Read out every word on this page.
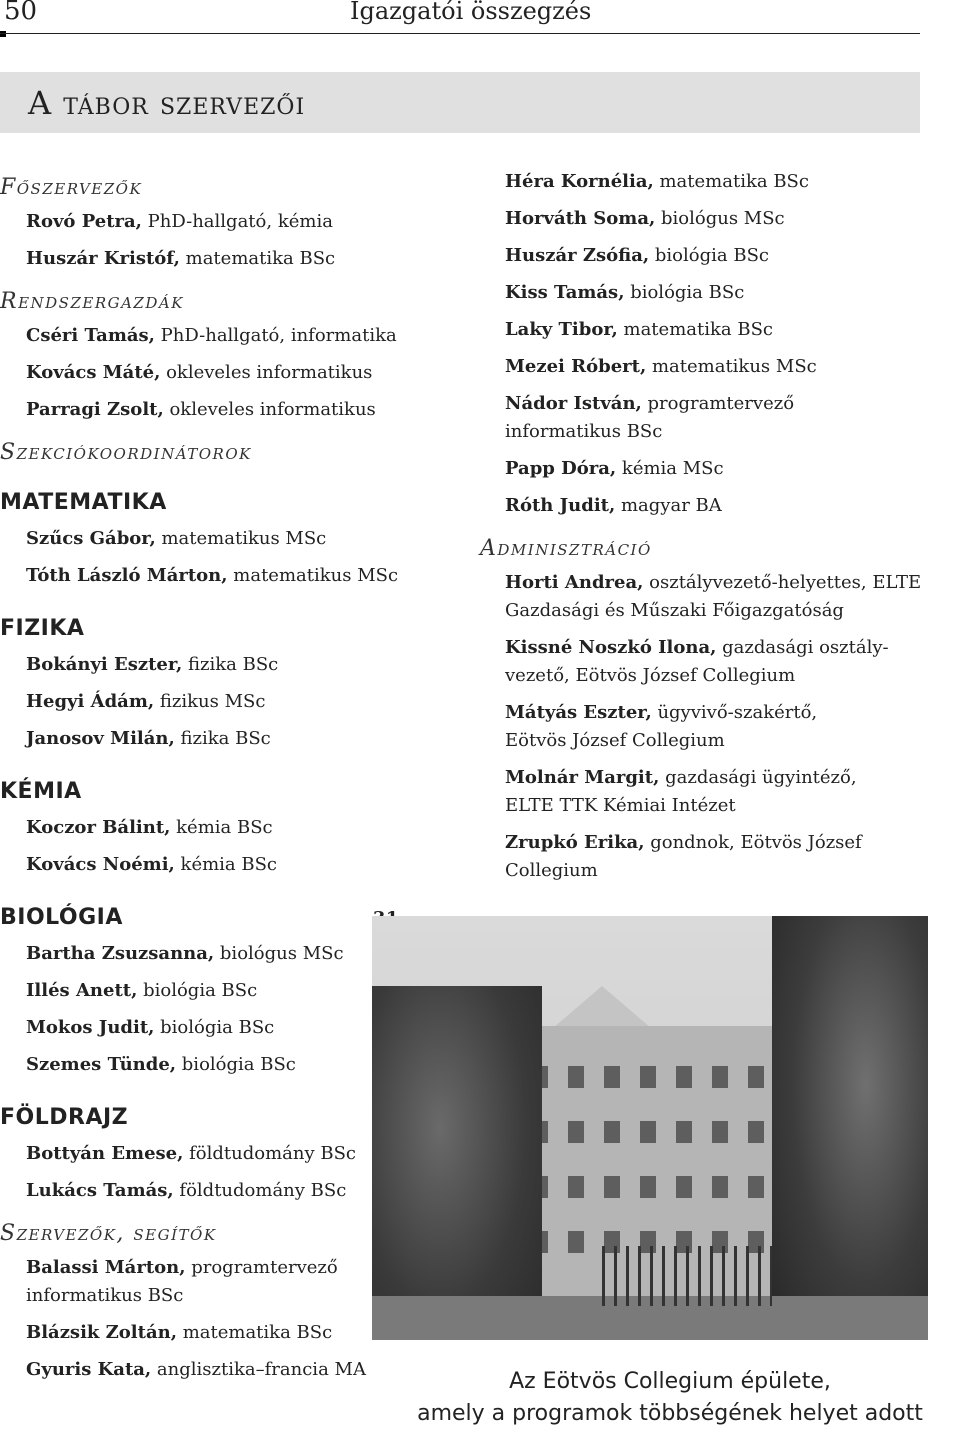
50	Igazgatói összegzés
A tábor szervezői
Főszervezők
Rovó Petra, PhD-hallgató, kémia
Huszár Kristóf, matematika BSc
Rendszergazdák
Cséri Tamás, PhD-hallgató, informatika
Kovács Máté, okleveles informatikus
Parragi Zsolt, okleveles informatikus
Szekciókoordinátorok
MATEMATIKA
Szűcs Gábor, matematikus MSc
Tóth László Márton, matematikus MSc
FIZIKA
Bokányi Eszter, fizika BSc
Hegyi Ádám, fizikus MSc
Janosov Milán, fizika BSc
KÉMIA
Koczor Bálint, kémia BSc
Kovács Noémi, kémia BSc
BIOLÓGIA
Bartha Zsuzsanna, biológus MSc
Illés Anett, biológia BSc
Mokos Judit, biológia BSc
Szemes Tünde, biológia BSc
FÖLDRAJZ
Bottyán Emese, földtudomány BSc
Lukács Tamás, földtudomány BSc
Szervezők, segítők
Balassi Márton, programtervező informatikus BSc
Blázsik Zoltán, matematika BSc
Gyuris Kata, anglisztika–francia MA
Héra Kornélia, matematika BSc
Horváth Soma, biológus MSc
Huszár Zsófia, biológia BSc
Kiss Tamás, biológia BSc
Laky Tibor, matematika BSc
Mezei Róbert, matematikus MSc
Nádor István, programtervező informatikus BSc
Papp Dóra, kémia MSc
Róth Judit, magyar BA
Adminisztráció
Horti Andrea, osztályvezető-helyettes, ELTE Gazdasági és Műszaki Főigazgatóság
Kissné Noszkó Ilona, gazdasági osztály-vezető, Eötvös József Collegium
Mátyás Eszter, ügyvivő-szakértő, Eötvös József Collegium
Molnár Margit, gazdasági ügyintéző, ELTE TTK Kémiai Intézet
Zrupkó Erika, gondnok, Eötvös József Collegium
Az Eötvös Collegium épülete,
amely a programok többségének helyet adott
